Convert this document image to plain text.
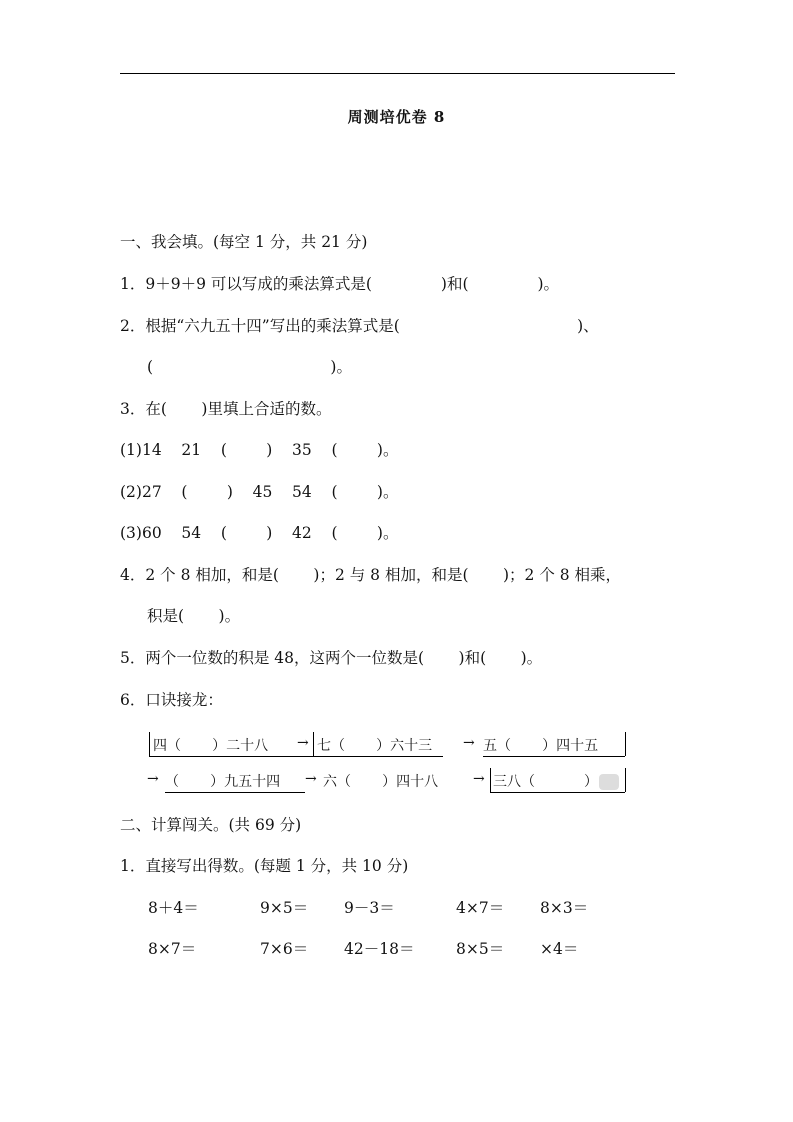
周测培优卷 8
一、我会填。(每空 1 分，共 21 分)
1．9＋9＋9 可以写成的乘法算式是(              )和(              )。
2．根据“六九五十四”写出的乘法算式是(                                    )、
(                                    )。
3．在(       )里填上合适的数。
(1)14    21    (        )    35    (        )。
(2)27    (        )    45    54    (        )。
(3)60    54    (        )    42    (        )。
4．2 个 8 相加，和是(       )；2 与 8 相加，和是(       )；2 个 8 相乘，
积是(       )。
5．两个一位数的积是 48，这两个一位数是(       )和(       )。
6．口诀接龙：
四（       ）二十八 → 七（       ）六十三 → 五（       ）四十五
→ （       ）九五十四 → 六（       ）四十八 → 三八（           ）
二、计算闯关。(共 69 分)
1．直接写出得数。(每题 1 分，共 10 分)
8＋4＝	9×5＝ 9－3＝	4×7＝ 8×3＝
8×7＝	7×6＝ 42－18＝	8×5＝ ×4＝
